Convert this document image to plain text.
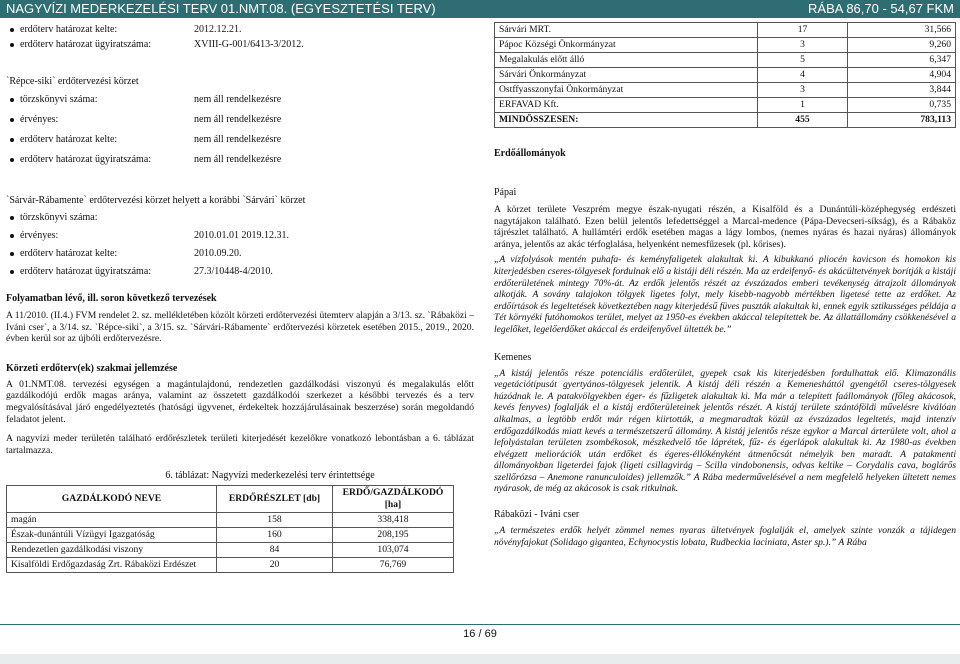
NAGYVÍZI MEDERKEZELÉSI TERV 01.NMT.08. (EGYESZTETÉSI TERV)	RÁBA 86,70 - 54,67 FKM
erdőterv határozat kelte:	2012.12.21.
erdőterv határozat ügyiratszáma:	XVIII-G-001/6413-3/2012.
`Répce-siki` erdőtervezési körzet
törzskönyvi száma:	nem áll rendelkezésre
érvényes:	nem áll rendelkezésre
erdőterv határozat kelte:	nem áll rendelkezésre
erdőterv határozat ügyiratszáma:	nem áll rendelkezésre
`Sárvár-Rábamente` erdőtervezési körzet helyett a korábbi `Sárvári` körzet
törzskönyvi száma:
érvényes:	2010.01.01 2019.12.31.
erdőterv határozat kelte:	2010.09.20.
erdőterv határozat ügyiratszáma:	27.3/10448-4/2010.
Folyamatban lévő, ill. soron következő tervezések
A 11/2010. (II.4.) FVM rendelet 2. sz. mellékletében közölt körzeti erdőtervezési ütemterv alapján a 3/13. sz. `Rábaközi – Iváni cser`, a 3/14. sz. `Répce-siki`, a 3/15. sz. `Sárvári-Rábamente` erdőtervezési körzetek esetében 2015., 2019., 2020. évben kerül sor az újbóli erdőtervezésre.
Körzeti erdőterv(ek) szakmai jellemzése
A 01.NMT.08. tervezési egységen a magántulajdonú, rendezetlen gazdálkodási viszonyú és megalakulás előtt gazdálkodójú erdők magas aránya, valamint az összetett gazdálkodói szerkezet a későbbi tervezés és a terv megvalósításával járó engedélyeztetés (hatósági ügyvenet, érdekeltek hozzájárulásainak beszerzése) során megoldandó feladatot jelent.
A nagyvízi meder területén található erdőrészletek területi kiterjedését kezelőkre vonatkozó lebontásban a 6. táblázat tartalmazza.
6. táblázat: Nagyvízi mederkezelési terv érintettsége
GAZDÁLKODÓ NEVE	ERDŐRÉSZLET [db]	ERDŐ/GAZDÁLKODÓ [ha]
magán	158	338,418
Észak-dunántúli Vízügyi Igazgatóság	160	208,195
Rendezetlen gazdálkodási viszony	84	103,074
Kisalföldi Erdőgazdaság Zrt. Rábaközi Erdészet	20	76,769
Sárvári MRT.	17	31,566
Pápoc Községi Önkormányzat	3	9,260
Megalakulás előtt álló	5	6,347
Sárvári Önkormányzat	4	4,904
Ostffyasszonyfai Önkormányzat	3	3,844
ERFAVAD Kft.	1	0,735
MINDÖSSZESEN:	455	783,113
Erdőállományok
Pápai
A körzet területe Veszprém megye észak-nyugati részén, a Kisalföld és a Dunántúli-középhegység erdészeti nagytájakon található. Ezen belül jelentős lefedettséggel a Marcal-medence (Pápa-Devecseri-síkság), és a Rábaköz tájrészlet található. A hullámtéri erdők esetében magas a lágy lombos, (nemes nyáras és hazai nyáras) állományok aránya, jelentős az akác térfoglalása, helyenként nemesfűzesek (pl. kőrises).
„A vízfolyások mentén puhafa- és keményfaligetek alakultak ki. A kibukkanó pliocén kavicson és homokon kis kiterjedésben cseres-tölgyesek fordulnak elő a kistáji déli részén. Ma az erdeifenyő- és akácültetvények borítják a kistáji erdőterületének mintegy 70%-át. Az erdők jelentős részét az évszázados emberi tevékenység átrajzolt állományok alkotják. A sovány talajokon tölgyek ligetes folyt, mely kisebb-nagyobb mértékben ligetesé tette az erdőket. Az erdőírtások és legeltetések következtében nagy kiterjedésű füves puszták alakultak ki, ennek egyik sztikusséges példája a Tét környéki futóhomokos terület, melyet az 1950-es években akáccal telepítettek be. Az állattállomány csökkenésével a legelőket, legelőerdőket akáccal és erdeifenyővel ültették be.”
Kemenes
„A kistáj jelentős része potenciális erdőterület, gyepek csak kis kiterjedésben fordulhattak elő. Klimazonális vegetációtípusát gyertyános-tölgyesek jelentik. A kistáj déli részén a Kemenesháttól gyengétől cseres-tölgyesek húzódnak le. A patakvölgyekben éger- és fűzligetek alakultak ki. Ma már a telepített faállományok (főleg akácosok, kevés fenyves) foglalják el a kistáj erdőterületeinek jelentős részét. A kistáj területe szántóföldi művelésre kiválóan alkalmas, a legtöbb erdőt már régen kiirtották, a megmaradtak közül az évszázados legeltetés, majd intenzív erdőgazdálkodás miatt kevés a természetszerű állomány. A kistáj jelentős része egykor a Marcal árterülete volt, ahol a lefolyástalan területen zsombékosok, mészkedvelő tőe láprétek, fűz- és égerlápok alakultak ki. Az 1980-as években elvégzett meliorációk után erdőket és égeres-éllókényként átmenőcsát némelyik ben maradt. A patakmenti állományokban ligeterdei fajok (ligeti csillagvirág – Scilla vindobonensis, odvas keltike – Corydalis cava, boglárős szellőrózsa – Anemone ranunculoides) jellemzők.” A Rába mederművelésével a nem megfelelő helyeken ültetett nemes nyárasok, de még az akácosok is csak ritkulnak.
Rábaközi - Iváni cser
„A természetes erdők helyét zömmel nemes nyaras ültetvények foglalják el, amelyek szinte vonzák a tájidegen növényfajokat (Solidago gigantea, Echynocystis lobata, Rudbeckia laciniata, Aster sp.).” A Rába
16 / 69
